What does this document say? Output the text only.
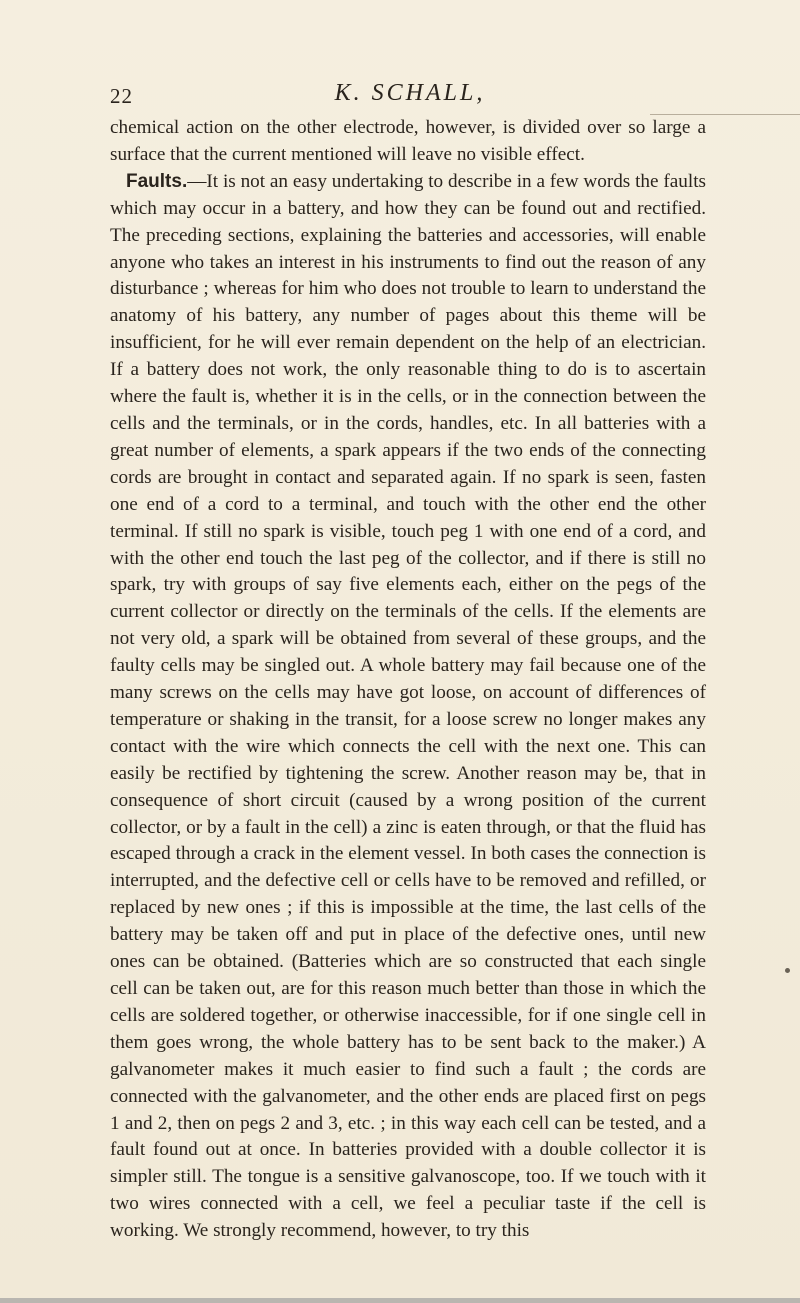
22	K. SCHALL,

chemical action on the other electrode, however, is divided over so large a surface that the current mentioned will leave no visible effect.

Faults.—It is not an easy undertaking to describe in a few words the faults which may occur in a battery, and how they can be found out and rectified. The preceding sections, explaining the batteries and accessories, will enable anyone who takes an interest in his instruments to find out the reason of any disturbance ; whereas for him who does not trouble to learn to understand the anatomy of his battery, any number of pages about this theme will be insufficient, for he will ever remain dependent on the help of an electrician. If a battery does not work, the only reasonable thing to do is to ascertain where the fault is, whether it is in the cells, or in the connection between the cells and the terminals, or in the cords, handles, etc. In all batteries with a great number of elements, a spark appears if the two ends of the connecting cords are brought in contact and separated again. If no spark is seen, fasten one end of a cord to a terminal, and touch with the other end the other terminal. If still no spark is visible, touch peg 1 with one end of a cord, and with the other end touch the last peg of the collector, and if there is still no spark, try with groups of say five elements each, either on the pegs of the current collector or directly on the terminals of the cells. If the elements are not very old, a spark will be obtained from several of these groups, and the faulty cells may be singled out. A whole battery may fail because one of the many screws on the cells may have got loose, on account of differences of temperature or shaking in the transit, for a loose screw no longer makes any contact with the wire which connects the cell with the next one. This can easily be rectified by tightening the screw. Another reason may be, that in consequence of short circuit (caused by a wrong position of the current collector, or by a fault in the cell) a zinc is eaten through, or that the fluid has escaped through a crack in the element vessel. In both cases the connection is interrupted, and the defective cell or cells have to be removed and refilled, or replaced by new ones ; if this is impossible at the time, the last cells of the battery may be taken off and put in place of the defective ones, until new ones can be obtained. (Batteries which are so constructed that each single cell can be taken out, are for this reason much better than those in which the cells are soldered together, or otherwise inaccessible, for if one single cell in them goes wrong, the whole battery has to be sent back to the maker.) A galvanometer makes it much easier to find such a fault ; the cords are connected with the galvanometer, and the other ends are placed first on pegs 1 and 2, then on pegs 2 and 3, etc. ; in this way each cell can be tested, and a fault found out at once. In batteries provided with a double collector it is simpler still. The tongue is a sensitive galvanoscope, too. If we touch with it two wires connected with a cell, we feel a peculiar taste if the cell is working. We strongly recommend, however, to try this
